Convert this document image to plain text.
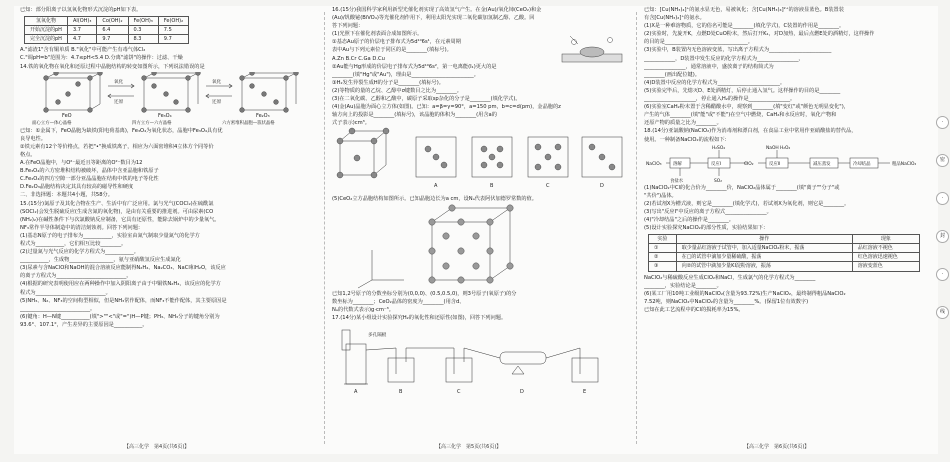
已知：部分阳离子以氢氧化物形式沉淀的pH如下表。

氢氧化物	Al(OH)₃	Co(OH)₂	Fe(OH)₃	Fe(OH)₂
开始沉淀的pH	3.7	6.4	0.3	7.5
完全沉淀的pH	4.7	9.7	8.3	9.7

A."滤渣1"含有铜单质 B."氧化"中可能产生有毒气体Cl₂

C."调pH=b"范围为：4.7≤pH<5.4 D.分离"滤饼"的操作：过滤、干燥

14.铁的氧化物在氧化和还原过程中晶胞结构的转变如图所示，下列说法错误的是

FeO	Fe₃O₄	Fe₂O₃
氧化
还原
氧化
还原
面心立方—体心晶格	四方立方—六方晶格	六方密堆积晶胞—簇状晶格

已知：①金属下，FeO晶胞为缺铁(阳电荷基离)，Fe₃O₄为氧化状态，晶胞中Fe₃O₄具有优

良导电性。

②铁元素有12个等价格点，若把"•"换成铁离子，相应为六面密堆积4立体方个同等价

格点。

A.在FeO晶胞中，与O²⁻最近且等距离的O²⁻数目为12

B.Fe₃O₄的六方密堆积结构被破坏，晶体中含亚晶胞和铁原子

C.Fe₃O₄的四方空隙一部分亚晶晶胞在结构中铁的电子等化性

D.Fe₂O₃晶胞结构决定其具有较高的磁导性和硬度

二、非选择题：本题共4小题，共58分。

15.(15分)氮原子及其化合物在生产、生活中有广泛应用。氯与光气(COCl₂)在硫酰氯

(SOCl₂)会发生脱硫反应(生成含氮的氧化物)，是由有关重要的推进剂。可由尿素(CO

(NH₂)₂)在碱性条件下与次氯酸钠反应制备，它具有还原性，能除去锅炉中的少量氧气。

NF₃常作半导体制造中的清洁刻蚀剂。回答下列问题：

(1)基态N原子的电子排布为___________，实验室由氮气制取少量氮气的化学方

程式为___________，它们相互比较________。

(2)过量氮与光气反应的化学方程式为___________。

___________，生成物_________________，氨与亚硝酸氢反应生成氮化

(3)尿素与含NaClO和NaOH的混合溶液反应能制得N₂H₄、Na₂CO₃、NaCl和H₂O，该反应

的离子方程式为___________________________。

(4)根据的研究表明使用应在两种操作中加入阴阳离子由于中铜铁N₂H₄，该反应的化学方

程式为___________________________。

(5)NH₃、N₂、NF₃的空间构型相似，但是NH₃常作配体，而NF₃不能作配体，其主要原因是

___________________________。

(6)键角：H—N键___________(填">""<"或"=")H—P键；PH₃、NH₃分子的键角分别为

93.6°、107.1°，产生差异的主要原因是___________。

【高三化学　第4页(共6页)】

16.(15分)我国科学家利用新型光催化剂实现了高效氢气产生。在金(Au)/氧化铈(CeO₂)和金

(Au)/钒酸铋(BiVO₄)等光催化剂作用下，利用太阳光实现二氧化碳加氢制乙醇、乙酸。回

答下列问题：

(1)光照下在催化剂表面合成如图所示。

①基态Au原子的价层电子排布式为5d¹⁰6s¹，在元素周期

表中Au与下列元素位于同区的是________(填标号)。

A.Zn B.Cr C.Ga D.Cu

②Au能与Hg形成的价层电子排布式为5d¹⁰6s²，第一电离能(I₁)更大的是

________(填"Hg"或"Au")，理由是________________________。

③H₂发生异裂生成H的分子是________(填标号)。

(2)等物质的量的乙烷、乙醇中σ键数目之比为________。

(3)在二氧化碳、乙醇和乙酸中，碳原子采取sp杂化的分子是________(填化学式)。

(4)金(Au)晶胞为面心立方体(如图)。已知：a=β=γ=90°，a=150 pm，b=c=d(pm)，金晶胞的z

轴方向上的投影是________(填标号)，该晶胞的体积为________(用含a的

式子表示)cm³。

A	B	C	D

(5)CeO₂立方晶胞结构如图所示。已知晶胞边长为a cm，设Nₐ代表阿伏加德罗常数的值。

已知1,2号原子的分数坐标分别为(0,0,0)、(0.5,0.5,0)，则3号原子(氧原子)的分

数坐标为________；CeO₂晶体的密度为________(用含d、

Nₐ的代数式表示)g·cm⁻³。

17.(14分)某小组设计实验探究H₂的氧化性和还原性(如图)，回答下列问题。

多孔隔板
A	B	C	D	E
【高三化学　第5页(共6页)】

已知：[Cu(NH₃)₄]⁺的氨水显无色，易被氧化；含[Cu(NH₃)₄]²⁺的溶液显蓝色。B装置装

有含[Cu(NH₃)₂]⁺的氨水。

(1)X是一种难溶物质，它的俗名可能是________(填化学式)，C装置的作用是________。

(2)实验时，先旋开K，点燃D处CuO粉末，然后打开K₁，对D加热，最后点燃E处的酒精灯，这样操作

的目的是________________________________。

(3)实验中，B装置内无色溶液变蓝，写出离子方程式为________________________

____________，D装置中发生反应的化学方程式为________________，

________________，通常溶液中，盛放离子的结构简式为

________(画出配位键)。

(4)D装置中反应的化学方程式为________________________。

(5)实验完毕后，先熄灭D、E处酒精灯，后停止通入氢气。这样操作的目的是________

____________________，停止通入H₂的操作是________________。

(6)实验室CaH₂粉末置于含稀醋酸水中，观察到________(填"变红"或"颜色无明显变化")，

产生的气体________(填"能"或"不能")在空气中燃烧，CaH₂和水反应时，氧化产物和

还原产物的质量之比为________。

18.(14分)亚氯酸钠(NaClO₂)作为消毒剂和漂白剂，在食品工业中常用作亚硝酸盐的替代品，

使用。一种制备NaClO₂的流程如下：

NaClO₃	溶解	反应I	ClO₂	反应II	减压蒸发	冷却结晶	粗品NaClO₂
食盐水
H₂SO₄
SO₂
NaOH H₂O₂

(1)NaClO₂中Cl的化合价为________价，NaClO₂晶体属于________(填"离子""分子"或

"共价")晶体。

(2)若试剂X为槽式液，则它是________(填化学式)，若试剂X为氧化剂，则它是________。

(3)写出"反应I"中反应的离子方程式________________。

(4)"冷却结晶"之后的操作是________。

(5)设计实验探究NaClO₂的部分性质，实验结果如下：

实验	操作	现象
①	取少量品红溶液于试管中，加入适量NaClO₂粉末，振荡	品红溶液不褪色
②	在□的试管中滴加少量稀硫酸，振荡	红色溶液迅速褪色
③	向②的试管中滴加少量KI淀粉溶液，振荡	溶液变蓝色

NaClO₂与稀硫酸反应生成ClO₂和NaCl，生成氯气的化学方程式为________

________，实验结论是________。

(6)某工厂用10吨工业级的NaClO₂(含量为93.72%)生产NaClO₂，最终制得粗品NaClO₂

7.52吨，则NaClO₂中NaClO₂的含量为________%。(保留1位有效数字)

已知在此工艺流程中的Cl的损耗率为15%。

【高三化学　第6页(共6页)】
·
密
·
封
·
线
